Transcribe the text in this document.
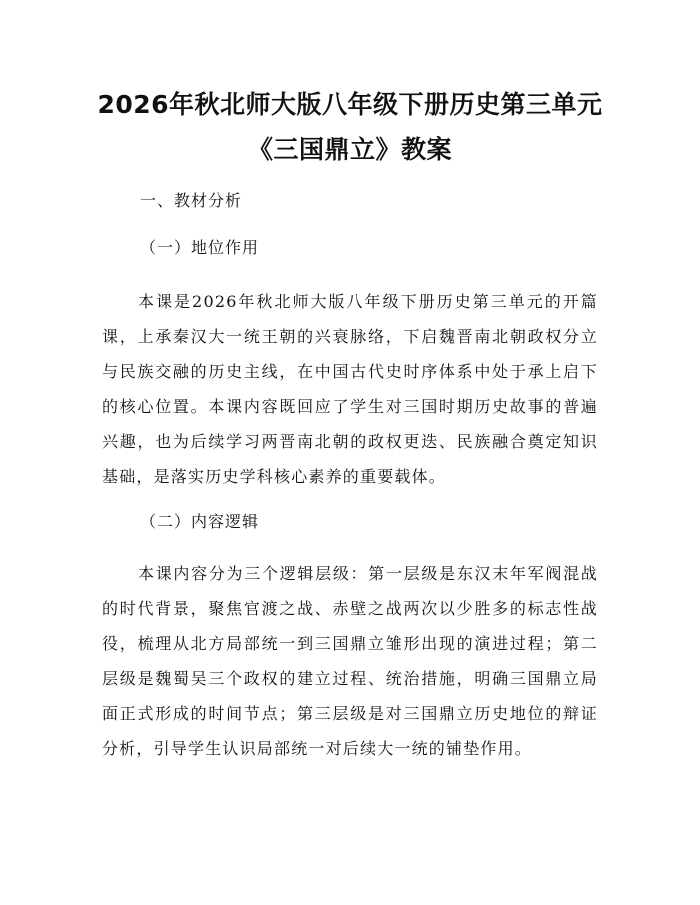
2026年秋北师大版八年级下册历史第三单元
《三国鼎立》教案

一、教材分析

（一）地位作用

本课是2026年秋北师大版八年级下册历史第三单元的开篇课，上承秦汉大一统王朝的兴衰脉络，下启魏晋南北朝政权分立与民族交融的历史主线，在中国古代史时序体系中处于承上启下的核心位置。本课内容既回应了学生对三国时期历史故事的普遍兴趣，也为后续学习两晋南北朝的政权更迭、民族融合奠定知识基础，是落实历史学科核心素养的重要载体。

（二）内容逻辑

本课内容分为三个逻辑层级：第一层级是东汉末年军阀混战的时代背景，聚焦官渡之战、赤壁之战两次以少胜多的标志性战役，梳理从北方局部统一到三国鼎立雏形出现的演进过程；第二层级是魏蜀吴三个政权的建立过程、统治措施，明确三国鼎立局面正式形成的时间节点；第三层级是对三国鼎立历史地位的辩证分析，引导学生认识局部统一对后续大一统的铺垫作用。
